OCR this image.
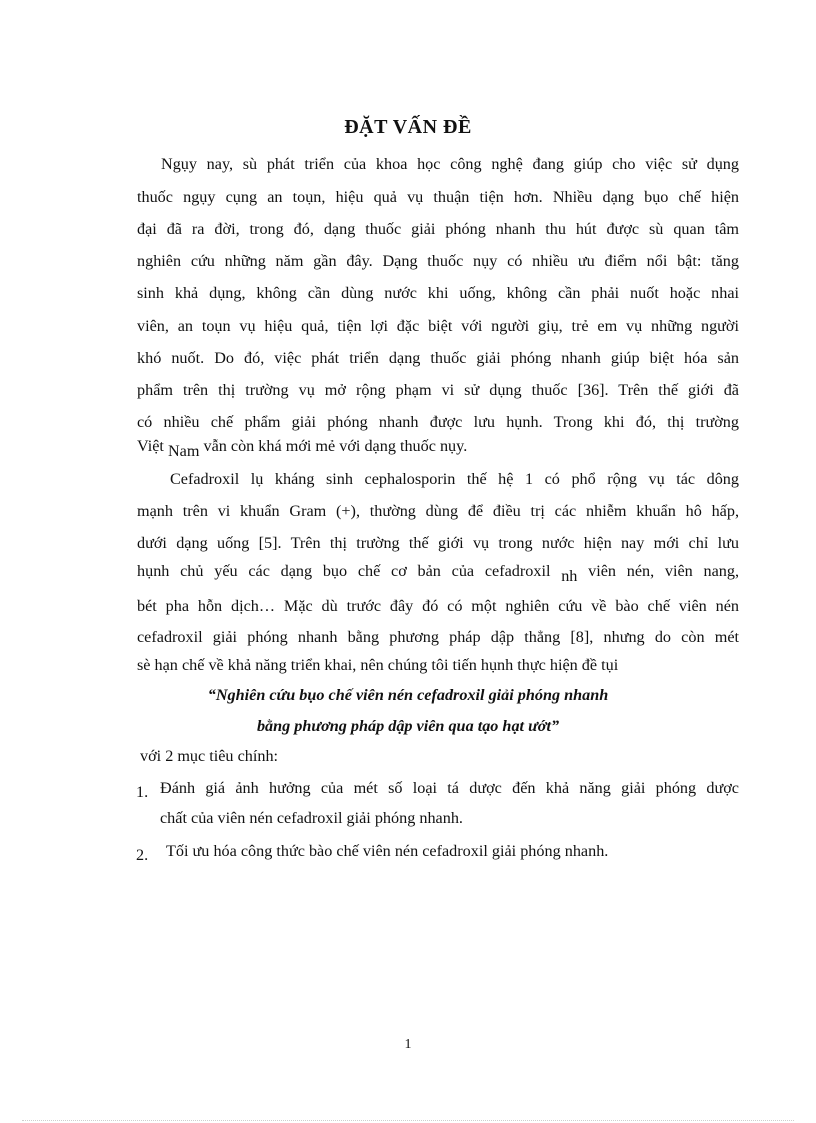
ĐẶT VẤN ĐỀ
Ngụy nay, sù phát triển của khoa học công nghệ đang giúp cho việc sử dụng
thuốc ngụy cụng an toụn, hiệu quả vụ thuận tiện hơn. Nhiều dạng bụo chế hiện
đại đã ra đời, trong đó, dạng thuốc giải phóng nhanh thu hút được sù quan tâm
nghiên cứu những năm gần đây. Dạng thuốc nụy có nhiều ưu điểm nổi bật: tăng
sinh khả dụng, không cần dùng nước khi uống, không cần phải nuốt hoặc nhai
viên, an toụn vụ hiệu quả, tiện lợi đặc biệt với người giụ, trẻ em vụ những người
khó nuốt. Do đó, việc phát triển dạng thuốc giải phóng nhanh giúp biệt hóa sản
phẩm trên thị trường vụ mở rộng phạm vi sử dụng thuốc [36]. Trên thế giới đã
có nhiều chế phẩm giải phóng nhanh được lưu hụnh. Trong khi đó, thị trường
Việt Nam vẫn còn khá mới mẻ với dạng thuốc nụy.
Cefadroxil lụ kháng sinh cephalosporin thế hệ 1 có phổ rộng vụ tác dông
mạnh trên vi khuẩn Gram (+), thường dùng để điều trị các nhiễm khuẩn hô hấp,
dưới dạng uống [5]. Trên thị trường thế giới vụ trong nước hiện nay mới chỉ lưu
hụnh chủ yếu các dạng bụo chế cơ bản của cefadroxil nh viên nén, viên nang,
bét pha hỗn dịch… Mặc dù trước đây đó có một nghiên cứu về bào chế viên nén
cefadroxil giải phóng nhanh bằng phương pháp dập thẳng [8], nhưng do còn mét
sè hạn chế về khả năng triển khai, nên chúng tôi tiến hụnh thực hiện đề tụi
“Nghiên cứu bụo chế viên nén cefadroxil giải phóng nhanh
bằng phương pháp dập viên qua tạo hạt ướt”
với 2 mục tiêu chính:
1. Đánh giá ảnh hưởng của mét số loại tá dược đến khả năng giải phóng dược
chất của viên nén cefadroxil giải phóng nhanh.
2. Tối ưu hóa công thức bào chế viên nén cefadroxil giải phóng nhanh.
1
